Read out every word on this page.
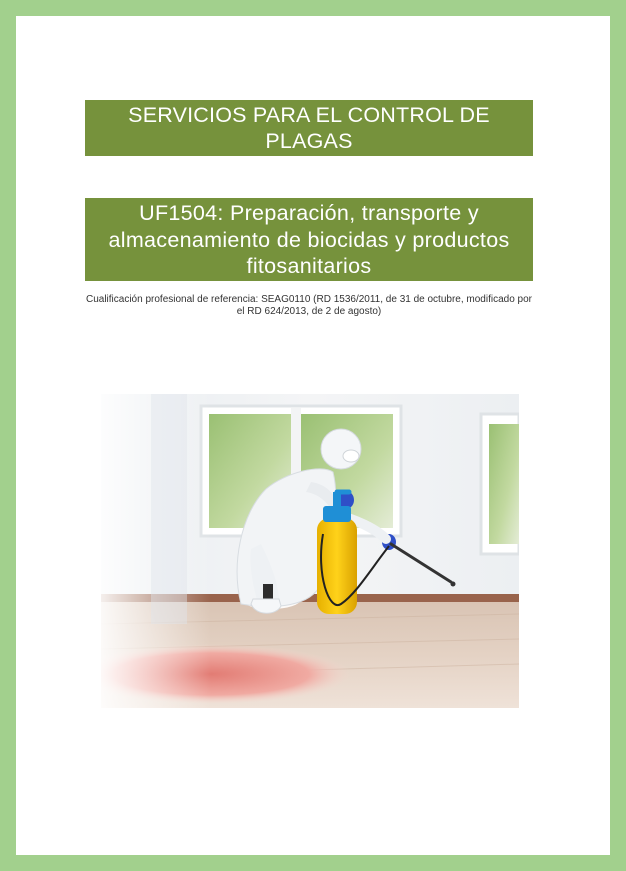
SERVICIOS PARA EL CONTROL DE PLAGAS
UF1504: Preparación, transporte y almacenamiento de biocidas y productos fitosanitarios
Cualificación profesional de referencia: SEAG0110 (RD 1536/2011, de 31 de octubre, modificado por el RD 624/2013, de 2 de agosto)
